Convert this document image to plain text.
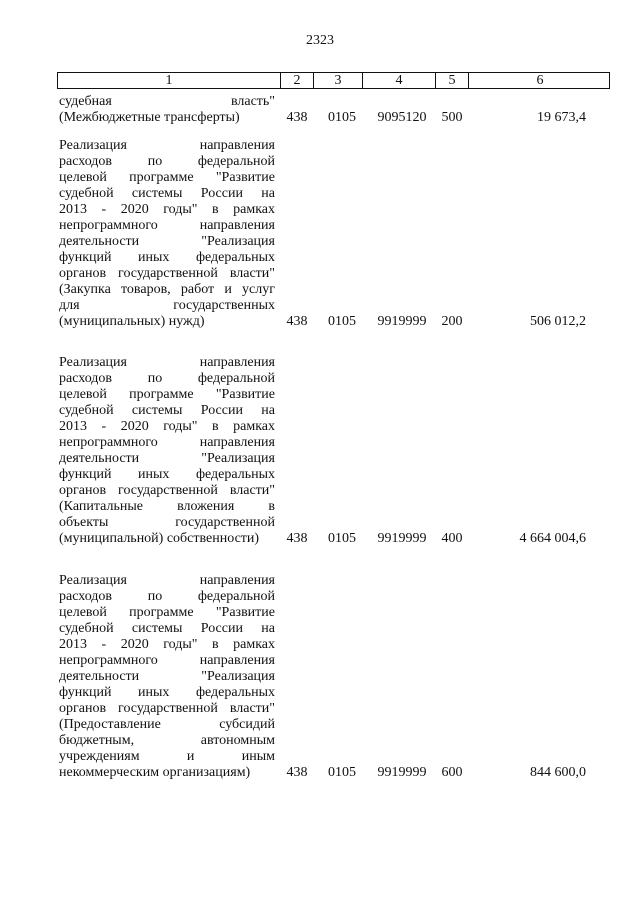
2323
1	2	3	4	5	6
судебная власть"
(Межбюджетные трансферты)	438	0105	9095120	500	19 673,4
Реализация направления
расходов по федеральной
целевой программе "Развитие
судебной системы России на
2013 - 2020 годы" в рамках
непрограммного направления
деятельности "Реализация
функций иных федеральных
органов государственной власти"
(Закупка товаров, работ и услуг
для государственных
(муниципальных) нужд)	438	0105	9919999	200	506 012,2
Реализация направления
расходов по федеральной
целевой программе "Развитие
судебной системы России на
2013 - 2020 годы" в рамках
непрограммного направления
деятельности "Реализация
функций иных федеральных
органов государственной власти"
(Капитальные вложения в
объекты государственной
(муниципальной) собственности)	438	0105	9919999	400	4 664 004,6
Реализация направления
расходов по федеральной
целевой программе "Развитие
судебной системы России на
2013 - 2020 годы" в рамках
непрограммного направления
деятельности "Реализация
функций иных федеральных
органов государственной власти"
(Предоставление субсидий
бюджетным, автономным
учреждениям и иным
некоммерческим организациям)	438	0105	9919999	600	844 600,0
